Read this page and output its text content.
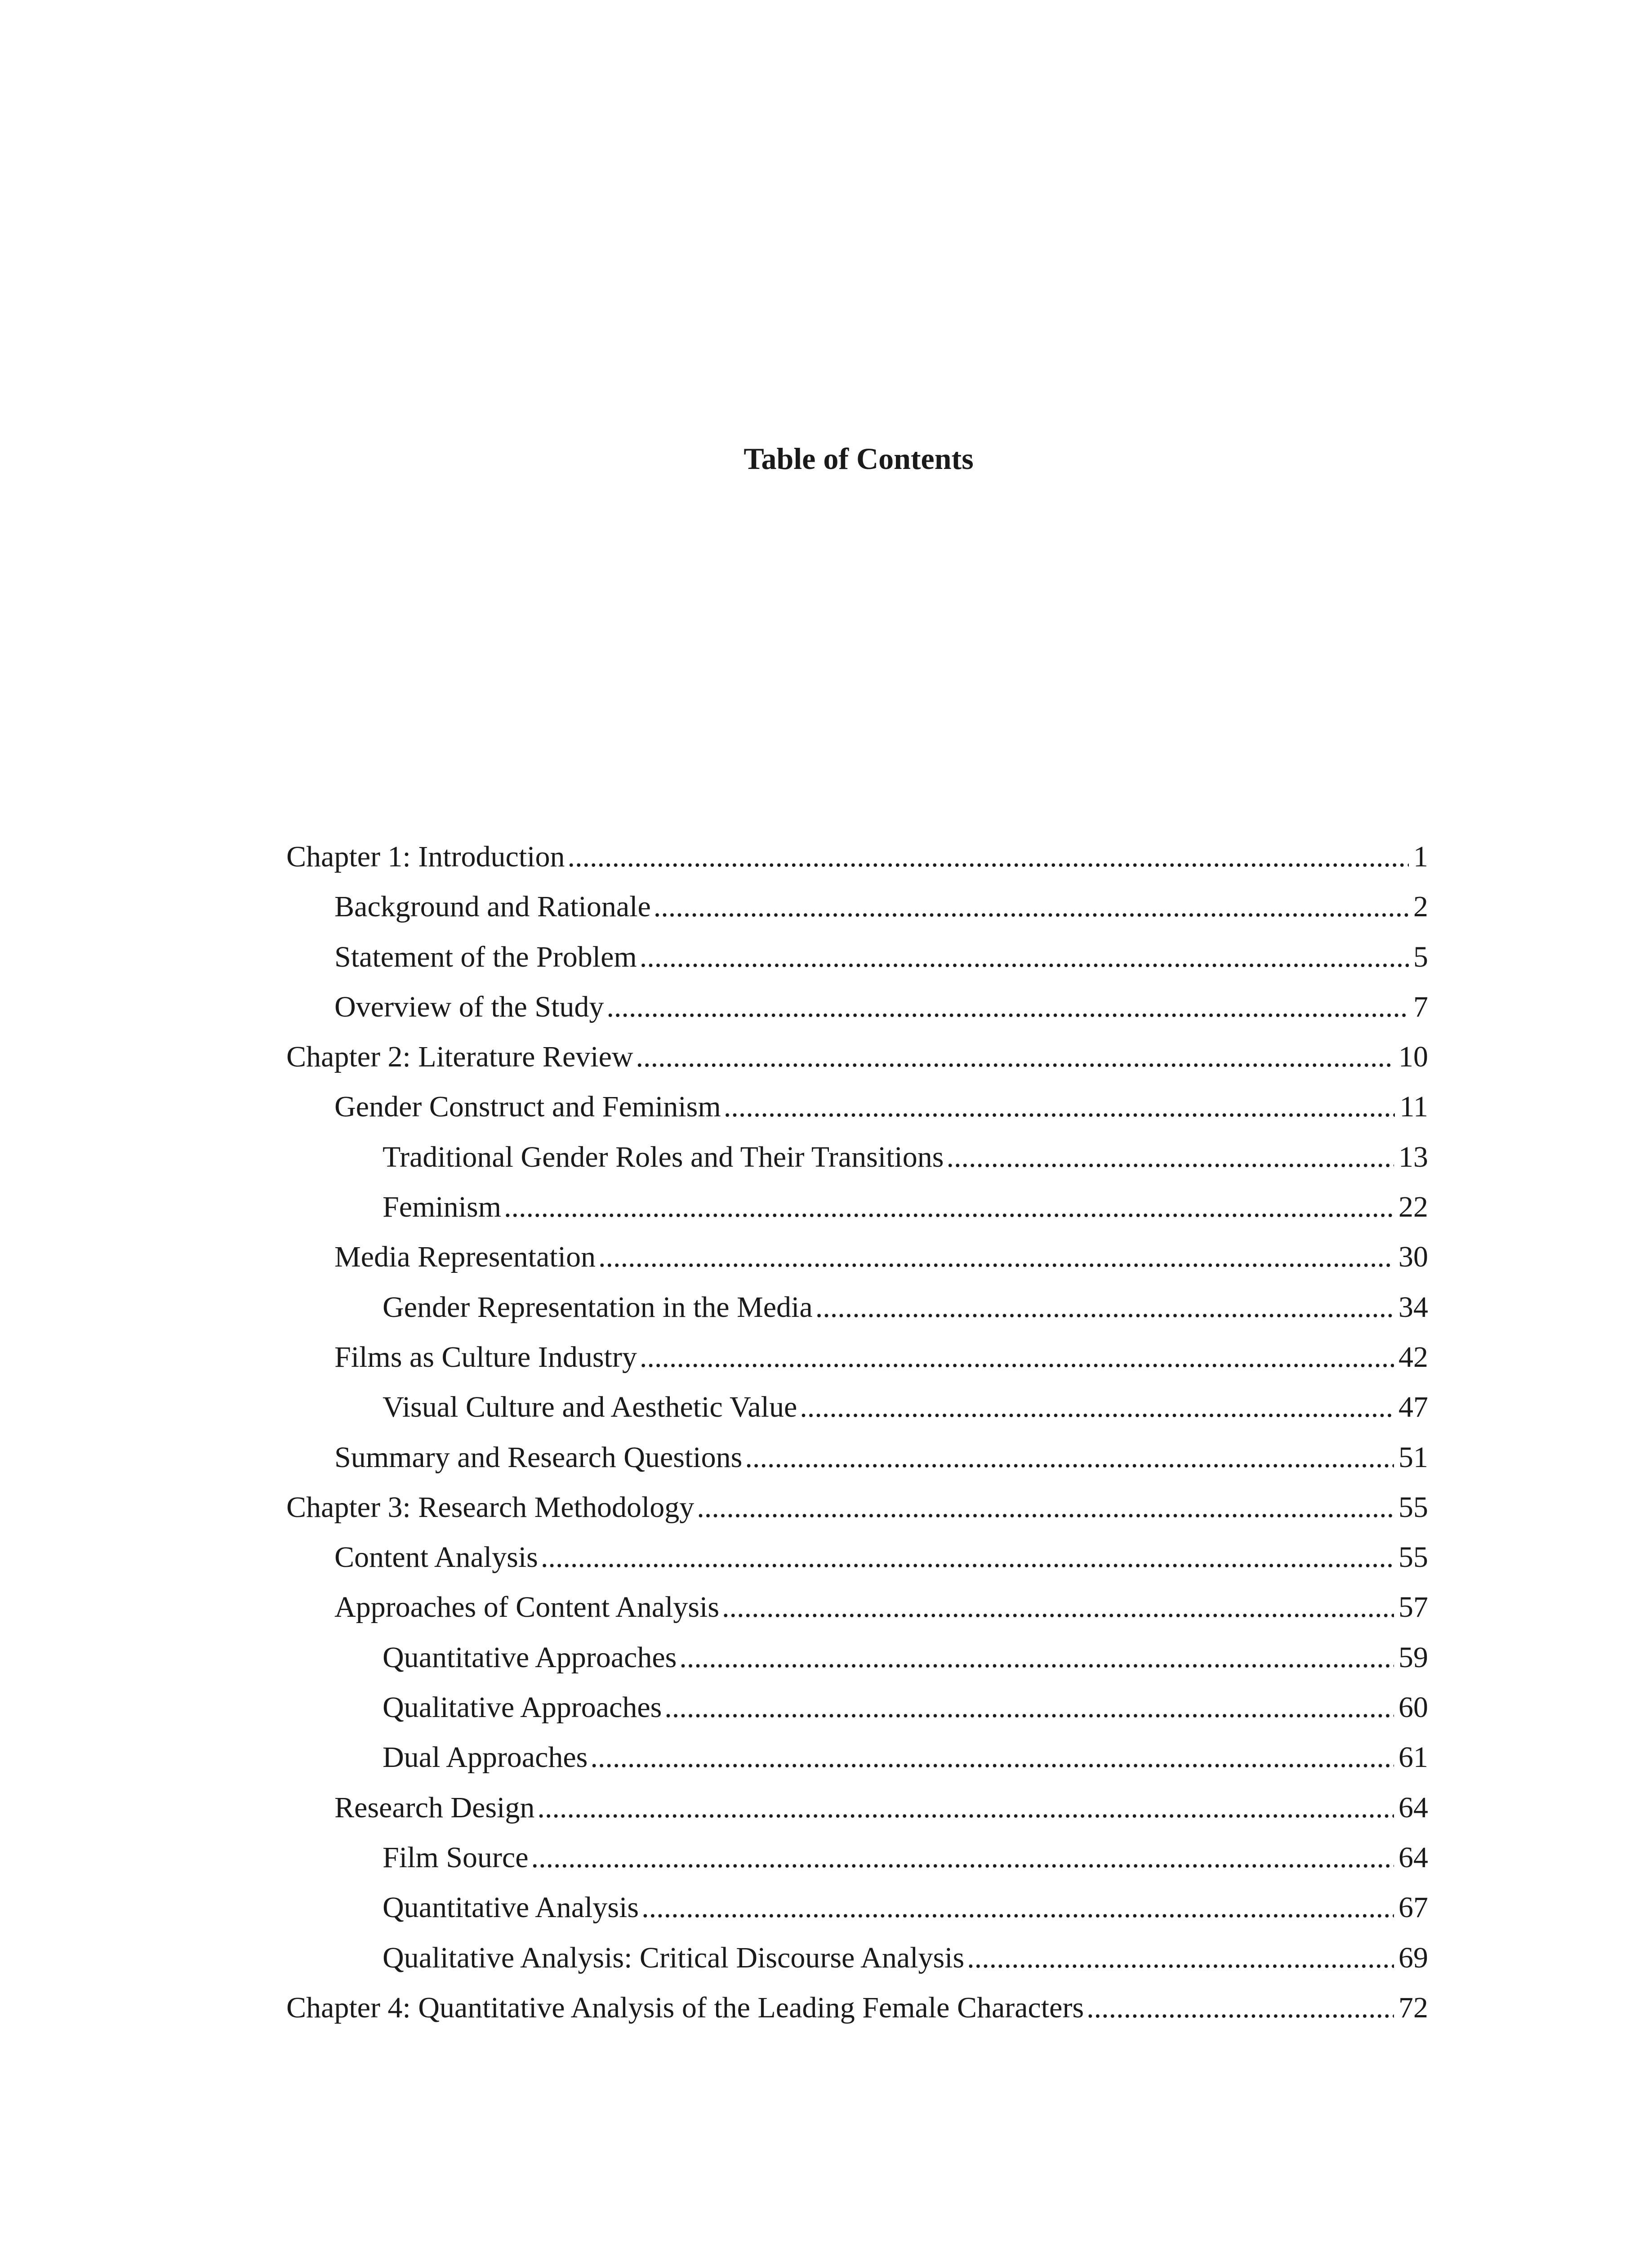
Table of Contents
Chapter 1: Introduction .....	1
Background and Rationale .....	2
Statement of the Problem .....	5
Overview of the Study .....	7
Chapter 2: Literature Review .....	10
Gender Construct and Feminism .....	11
Traditional Gender Roles and Their Transitions .....	13
Feminism .....	22
Media Representation .....	30
Gender Representation in the Media .....	34
Films as Culture Industry .....	42
Visual Culture and Aesthetic Value .....	47
Summary and Research Questions .....	51
Chapter 3: Research Methodology .....	55
Content Analysis .....	55
Approaches of Content Analysis .....	57
Quantitative Approaches .....	59
Qualitative Approaches .....	60
Dual Approaches .....	61
Research Design .....	64
Film Source .....	64
Quantitative Analysis .....	67
Qualitative Analysis: Critical Discourse Analysis .....	69
Chapter 4: Quantitative Analysis of the Leading Female Characters .....	72
